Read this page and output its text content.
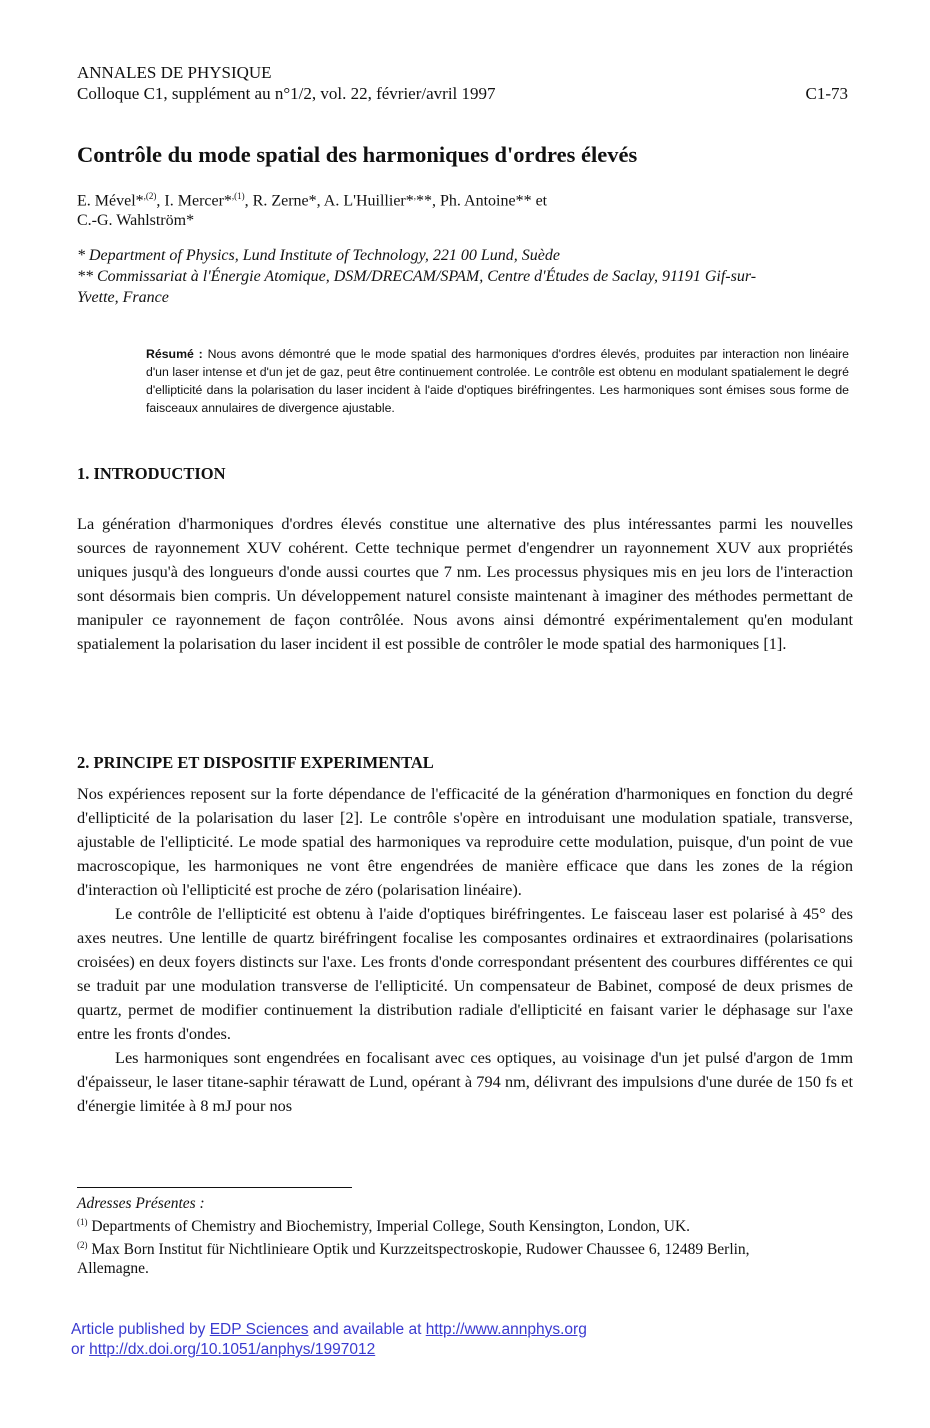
ANNALES DE PHYSIQUE
Colloque C1, supplément au n°1/2, vol. 22, février/avril 1997	C1-73
Contrôle du mode spatial des harmoniques d'ordres élevés
E. Mével*$^{,(2)}$, I. Mercer*$^{,(1)}$, R. Zerne*, A. L'Huillier*,**, Ph. Antoine** et
C.-G. Wahlström*
* Department of Physics, Lund Institute of Technology, 221 00 Lund, Suède
** Commissariat à l'Énergie Atomique, DSM/DRECAM/SPAM, Centre d'Études de Saclay, 91191 Gif-sur-Yvette, France
Résumé : Nous avons démontré que le mode spatial des harmoniques d'ordres élevés, produites par interaction non linéaire d'un laser intense et d'un jet de gaz, peut être continuement controlée. Le contrôle est obtenu en modulant spatialement le degré d'ellipticité dans la polarisation du laser incident à l'aide d'optiques biréfringentes. Les harmoniques sont émises sous forme de faisceaux annulaires de divergence ajustable.
1. INTRODUCTION

La génération d'harmoniques d'ordres élevés constitue une alternative des plus intéressantes parmi les nouvelles sources de rayonnement XUV cohérent. Cette technique permet d'engendrer un rayonnement XUV aux propriétés uniques jusqu'à des longueurs d'onde aussi courtes que 7 nm. Les processus physiques mis en jeu lors de l'interaction sont désormais bien compris. Un développement naturel consiste maintenant à imaginer des méthodes permettant de manipuler ce rayonnement de façon contrôlée. Nous avons ainsi démontré expérimentalement qu'en modulant spatialement la polarisation du laser incident il est possible de contrôler le mode spatial des harmoniques [1].

2. PRINCIPE ET DISPOSITIF EXPERIMENTAL

Nos expériences reposent sur la forte dépendance de l'efficacité de la génération d'harmoniques en fonction du degré d'ellipticité de la polarisation du laser [2]. Le contrôle s'opère en introduisant une modulation spatiale, transverse, ajustable de l'ellipticité. Le mode spatial des harmoniques va reproduire cette modulation, puisque, d'un point de vue macroscopique, les harmoniques ne vont être engendrées de manière efficace que dans les zones de la région d'interaction où l'ellipticité est proche de zéro (polarisation linéaire).

Le contrôle de l'ellipticité est obtenu à l'aide d'optiques biréfringentes. Le faisceau laser est polarisé à 45° des axes neutres. Une lentille de quartz biréfringent focalise les composantes ordinaires et extraordinaires (polarisations croisées) en deux foyers distincts sur l'axe. Les fronts d'onde correspondant présentent des courbures différentes ce qui se traduit par une modulation transverse de l'ellipticité. Un compensateur de Babinet, composé de deux prismes de quartz, permet de modifier continuement la distribution radiale d'ellipticité en faisant varier le déphasage sur l'axe entre les fronts d'ondes.

Les harmoniques sont engendrées en focalisant avec ces optiques, au voisinage d'un jet pulsé d'argon de 1mm d'épaisseur, le laser titane-saphir térawatt de Lund, opérant à 794 nm, délivrant des impulsions d'une durée de 150 fs et d'énergie limitée à 8 mJ pour nos

Adresses Présentes :
$^{(1)}$ Departments of Chemistry and Biochemistry, Imperial College, South Kensington, London, UK.
$^{(2)}$ Max Born Institut für Nichtlinieare Optik und Kurzzeitspectroskopie, Rudower Chaussee 6, 12489 Berlin, Allemagne.
Article published by EDP Sciences and available at http://www.annphys.org
or http://dx.doi.org/10.1051/anphys/1997012
